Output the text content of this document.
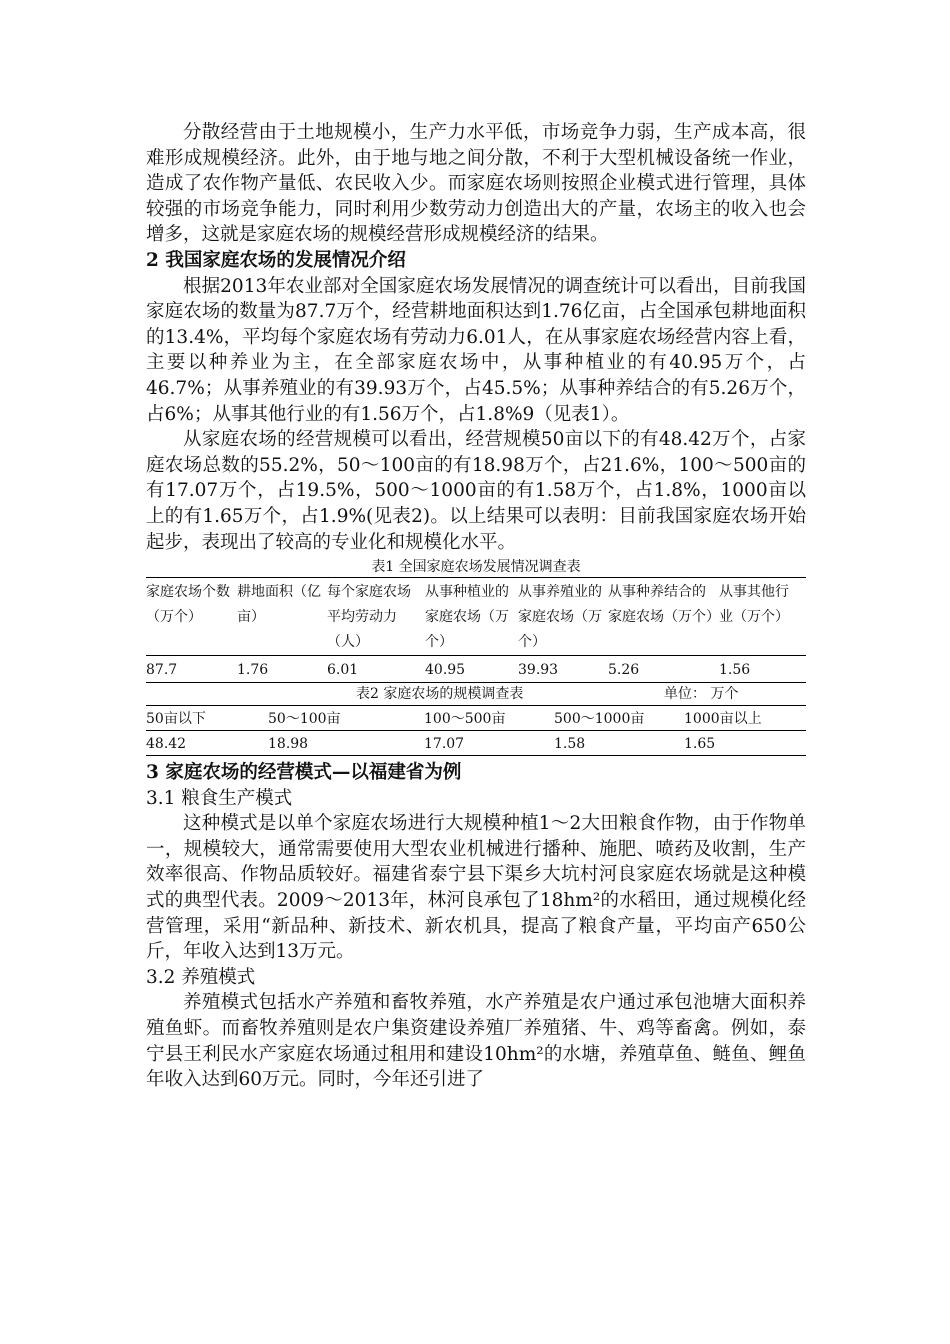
分散经营由于土地规模小，生产力水平低，市场竞争力弱，生产成本高，很难形成规模经济。此外，由于地与地之间分散，不利于大型机械设备统一作业，造成了农作物产量低、农民收入少。而家庭农场则按照企业模式进行管理，具体较强的市场竞争能力，同时利用少数劳动力创造出大的产量，农场主的收入也会增多，这就是家庭农场的规模经营形成规模经济的结果。

2 我国家庭农场的发展情况介绍

根据2013年农业部对全国家庭农场发展情况的调查统计可以看出，目前我国家庭农场的数量为87.7万个，经营耕地面积达到1.76亿亩，占全国承包耕地面积的13.4%，平均每个家庭农场有劳动力6.01人，在从事家庭农场经营内容上看，主要以种养业为主，在全部家庭农场中，从事种植业的有40.95万个，占46.7%；从事养殖业的有39.93万个，占45.5%；从事种养结合的有5.26万个，占6%；从事其他行业的有1.56万个，占1.8%9（见表1）。

从家庭农场的经营规模可以看出，经营规模50亩以下的有48.42万个，占家庭农场总数的55.2%，50～100亩的有18.98万个，占21.6%，100～500亩的有17.07万个，占19.5%，500～1000亩的有1.58万个，占1.8%，1000亩以上的有1.65万个，占1.9%(见表2)。以上结果可以表明：目前我国家庭农场开始起步，表现出了较高的专业化和规模化水平。

表1 全国家庭农场发展情况调查表
家庭农场个数（万个）	耕地面积（亿亩）	每个家庭农场平均劳动力（人）	从事种植业的家庭农场（万个）	从事养殖业的家庭农场（万个）	从事种养结合的家庭农场（万个）	从事其他行业（万个）
87.7	1.76	6.01	40.95	39.93	5.26	1.56
表2 家庭农场的规模调查表	单位： 万个
50亩以下	50～100亩	100～500亩	500～1000亩	1000亩以上
48.42	18.98	17.07	1.58	1.65
3 家庭农场的经营模式—以福建省为例
3.1 粮食生产模式

这种模式是以单个家庭农场进行大规模种植1～2大田粮食作物，由于作物单一，规模较大，通常需要使用大型农业机械进行播种、施肥、喷药及收割，生产效率很高、作物品质较好。福建省泰宁县下渠乡大坑村河良家庭农场就是这种模式的典型代表。2009～2013年，林河良承包了18hm²的水稻田，通过规模化经营管理，采用“新品种、新技术、新农机具，提高了粮食产量，平均亩产650公斤，年收入达到13万元。

3.2 养殖模式

养殖模式包括水产养殖和畜牧养殖，水产养殖是农户通过承包池塘大面积养殖鱼虾。而畜牧养殖则是农户集资建设养殖厂养殖猪、牛、鸡等畜禽。例如，泰宁县王利民水产家庭农场通过租用和建设10hm²的水塘，养殖草鱼、鲢鱼、鲤鱼年收入达到60万元。同时，今年还引进了
